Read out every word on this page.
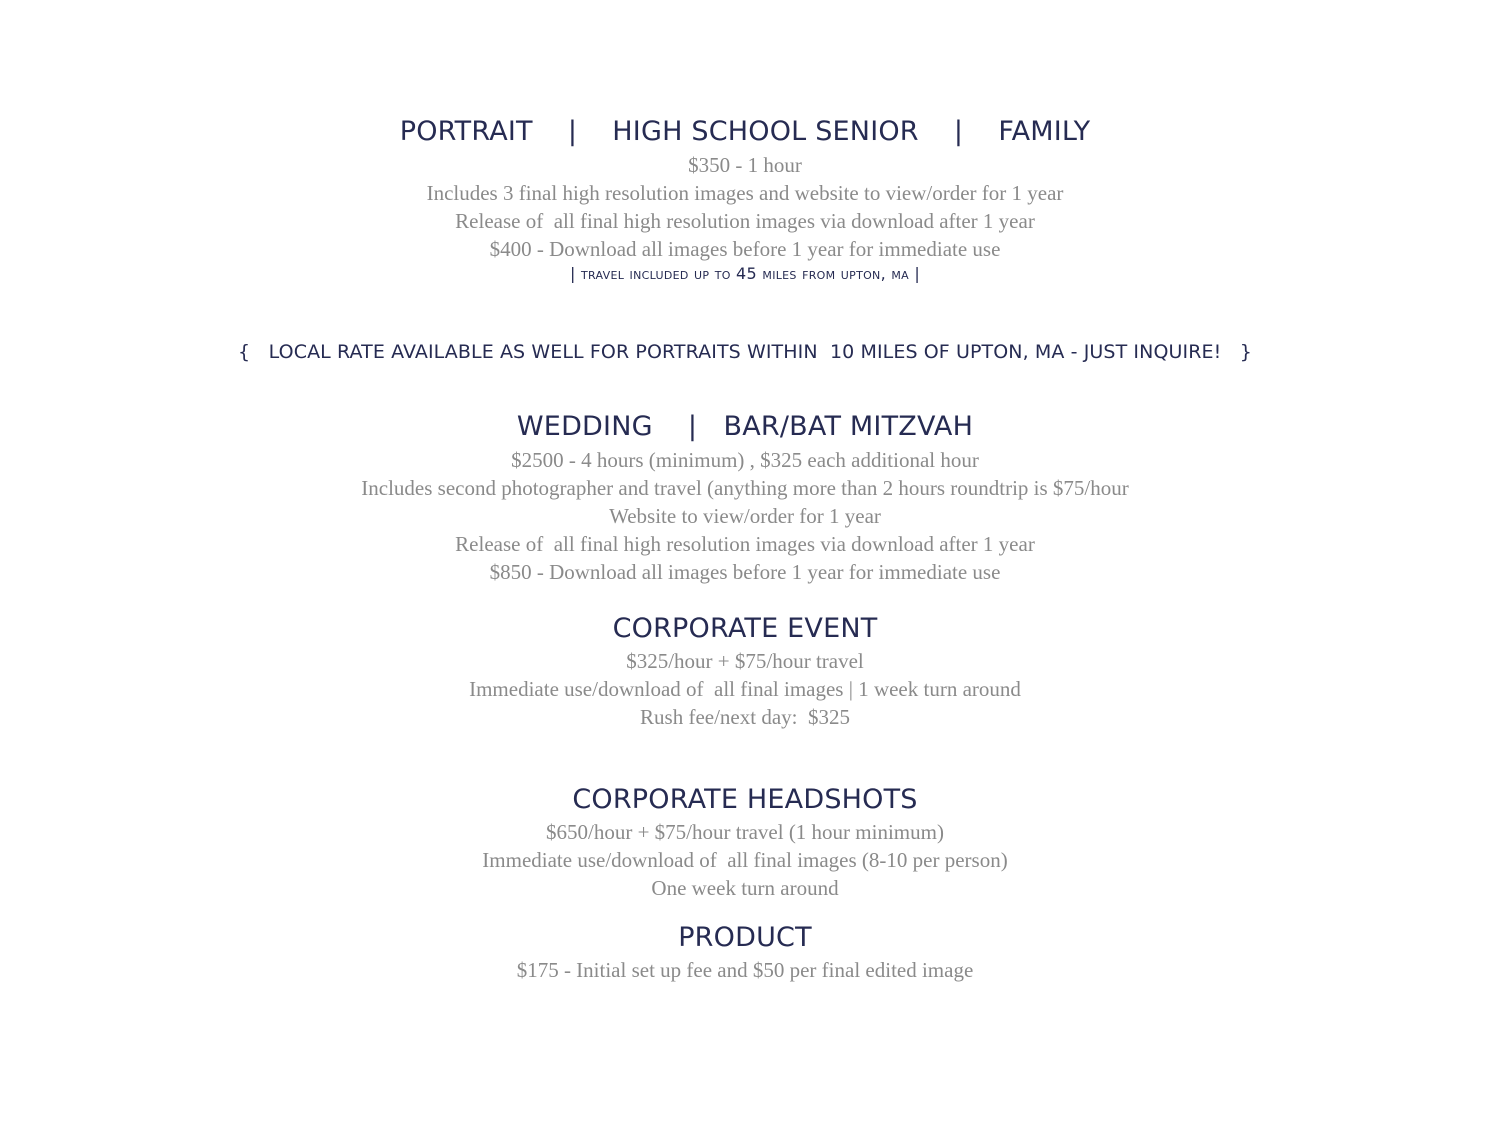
PORTRAIT    |    HIGH SCHOOL SENIOR    |    FAMILY
$350 - 1 hour
Includes 3 final high resolution images and website to view/order for 1 year
Release of  all final high resolution images via download after 1 year
$400 - Download all images before 1 year for immediate use
| travel included up to 45 miles from upton, ma |
{   LOCAL RATE AVAILABLE AS WELL FOR PORTRAITS WITHIN  10 MILES OF UPTON, MA - JUST INQUIRE!   }
WEDDING    |   BAR/BAT MITZVAH
$2500 - 4 hours (minimum) , $325 each additional hour
Includes second photographer and travel (anything more than 2 hours roundtrip is $75/hour
Website to view/order for 1 year
Release of  all final high resolution images via download after 1 year
$850 - Download all images before 1 year for immediate use
CORPORATE EVENT
$325/hour + $75/hour travel
Immediate use/download of  all final images | 1 week turn around
Rush fee/next day:  $325
CORPORATE HEADSHOTS
$650/hour + $75/hour travel (1 hour minimum)
Immediate use/download of  all final images (8-10 per person)
One week turn around
PRODUCT
$175 - Initial set up fee and $50 per final edited image
